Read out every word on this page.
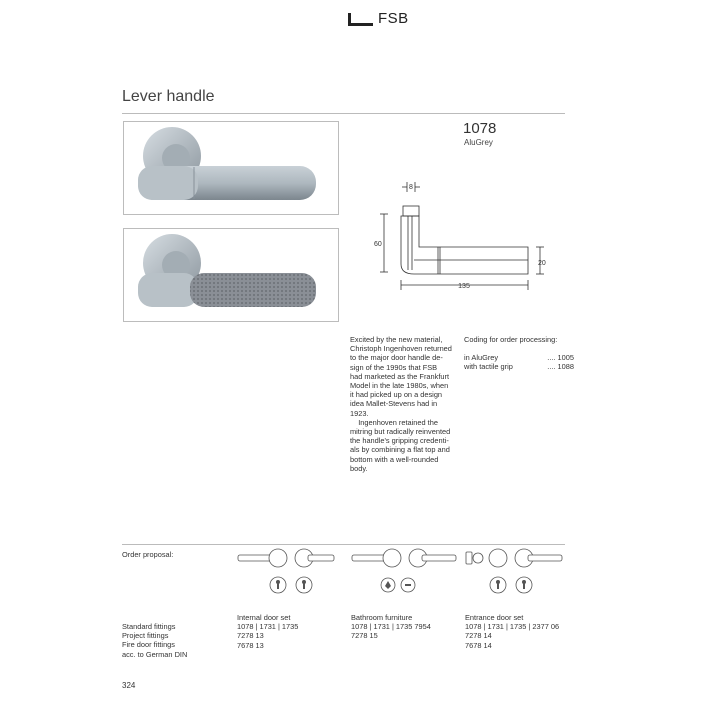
FSB
Lever handle
1078
AluGrey
8
60
20
135

Excited by the new material,

Christoph Ingenhoven returned

to the major door handle de-

sign of the 1990s that FSB

had marketed as the Frankfurt

Model in the late 1980s, when

it had picked up on a design

idea Mallet-Stevens had in

1923.

Ingenhoven retained the

mitring but radically reinvented

the handle's gripping credenti-

als by combining a flat top and

bottom with a well-rounded

body.

Coding for order processing:
in AluGrey	.... 1005
with tactile grip	.... 1088
Order proposal:
Standard fittings
Project fittings
Fire door fittings
acc. to German DIN
Internal door set
1078 | 1731 | 1735
7278 13
7678 13
Bathroom furniture
1078 | 1731 | 1735 7954
7278 15
Entrance door set
1078 | 1731 | 1735 | 2377 06
7278 14
7678 14
324
